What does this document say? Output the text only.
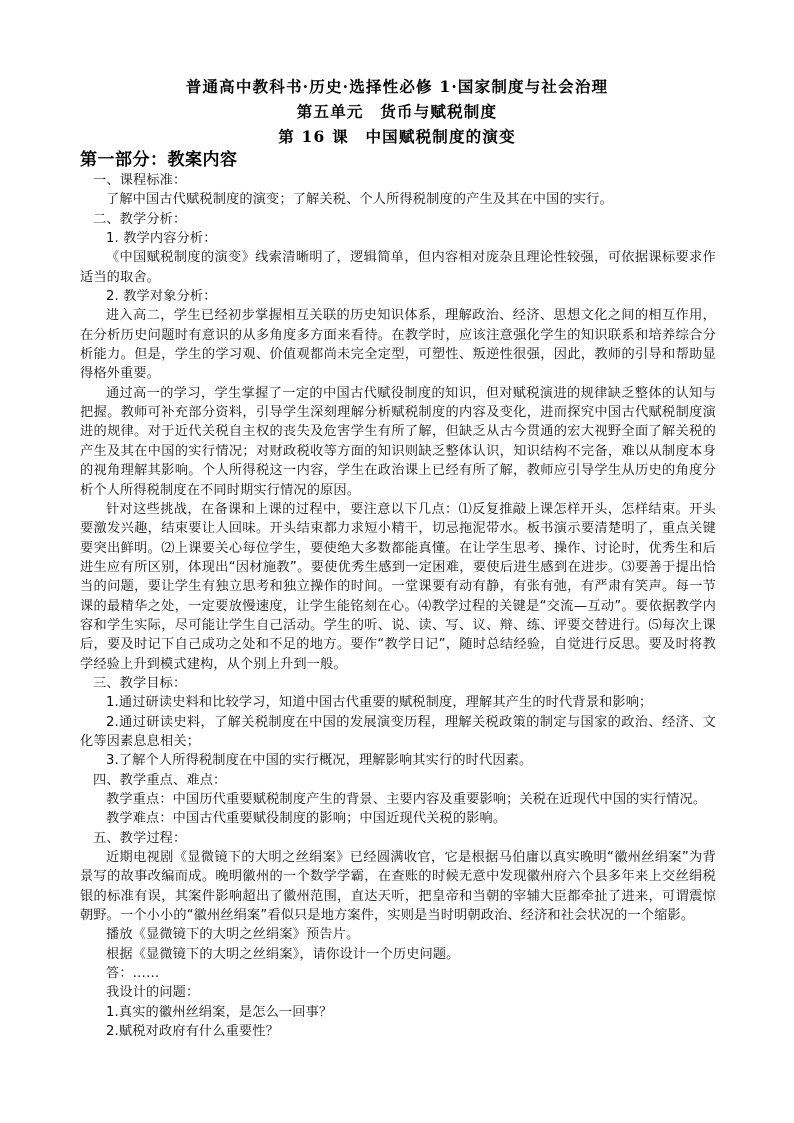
普通高中教科书·历史·选择性必修 1·国家制度与社会治理
第五单元　货币与赋税制度
第 16 课　中国赋税制度的演变
第一部分：教案内容

一、课程标准：

了解中国古代赋税制度的演变；了解关税、个人所得税制度的产生及其在中国的实行。

二、教学分析：

1. 教学内容分析：

《中国赋税制度的演变》线索清晰明了，逻辑简单，但内容相对庞杂且理论性较强，可依据课标要求作适当的取舍。

2. 教学对象分析：

进入高二，学生已经初步掌握相互关联的历史知识体系，理解政治、经济、思想文化之间的相互作用，在分析历史问题时有意识的从多角度多方面来看待。在教学时，应该注意强化学生的知识联系和培养综合分析能力。但是，学生的学习观、价值观都尚未完全定型，可塑性、叛逆性很强，因此，教师的引导和帮助显得格外重要。

通过高一的学习，学生掌握了一定的中国古代赋役制度的知识，但对赋税演进的规律缺乏整体的认知与把握。教师可补充部分资料，引导学生深刻理解分析赋税制度的内容及变化，进而探究中国古代赋税制度演进的规律。对于近代关税自主权的丧失及危害学生有所了解，但缺乏从古今贯通的宏大视野全面了解关税的产生及其在中国的实行情况；对财政税收等方面的知识则缺乏整体认识，知识结构不完备，难以从制度本身的视角理解其影响。个人所得税这一内容，学生在政治课上已经有所了解，教师应引导学生从历史的角度分析个人所得税制度在不同时期实行情况的原因。

针对这些挑战，在备课和上课的过程中，要注意以下几点：⑴反复推敲上课怎样开头，怎样结束。开头要激发兴趣，结束要让人回味。开头结束都力求短小精干，切忌拖泥带水。板书演示要清楚明了，重点关键要突出鲜明。⑵上课要关心每位学生，要使绝大多数都能真懂。在让学生思考、操作、讨论时，优秀生和后进生应有所区别，体现出“因材施教”。要使优秀生感到一定困难，要使后进生感到在进步。⑶要善于提出恰当的问题，要让学生有独立思考和独立操作的时间。一堂课要有动有静，有张有弛，有严肃有笑声。每一节课的最精华之处，一定要放慢速度，让学生能铭刻在心。⑷教学过程的关键是“交流—互动”。要依据教学内容和学生实际，尽可能让学生自己活动。学生的听、说、读、写、议、辩、练、评要交替进行。⑸每次上课后，要及时记下自己成功之处和不足的地方。要作“教学日记”，随时总结经验，自觉进行反思。要及时将教学经验上升到模式建构，从个别上升到一般。

三、教学目标：

1.通过研读史料和比较学习，知道中国古代重要的赋税制度，理解其产生的时代背景和影响；

2.通过研读史料，了解关税制度在中国的发展演变历程，理解关税政策的制定与国家的政治、经济、文化等因素息息相关；

3.了解个人所得税制度在中国的实行概况，理解影响其实行的时代因素。

四、教学重点、难点：

教学重点：中国历代重要赋税制度产生的背景、主要内容及重要影响；关税在近现代中国的实行情况。

教学难点：中国古代重要赋役制度的影响；中国近现代关税的影响。

五、教学过程：

近期电视剧《显微镜下的大明之丝绢案》已经圆满收官，它是根据马伯庸以真实晚明“徽州丝绢案”为背景写的故事改编而成。晚明徽州的一个数学学霸，在查账的时候无意中发现徽州府六个县多年来上交丝绢税银的标准有误，其案件影响超出了徽州范围，直达天听，把皇帝和当朝的宰辅大臣都牵扯了进来，可谓震惊朝野。一个小小的“徽州丝绢案”看似只是地方案件，实则是当时明朝政治、经济和社会状况的一个缩影。

播放《显微镜下的大明之丝绢案》预告片。

根据《显微镜下的大明之丝绢案》，请你设计一个历史问题。

答：……

我设计的问题：

1.真实的徽州丝绢案，是怎么一回事？

2.赋税对政府有什么重要性？
